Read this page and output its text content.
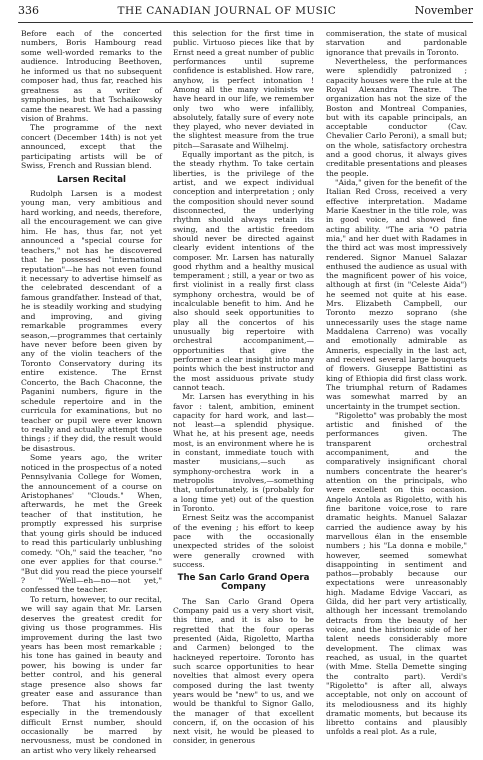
336	THE CANADIAN JOURNAL OF MUSIC	November

Before each of the concerted numbers, Boris Hambourg read some well-worded remarks to the audience. Introducing Beethoven, he informed us that no subsequent composer had, thus far, reached his greatness as a writer of symphonies, but that Tschaikowsky came the nearest. We had a passing vision of Brahms.

The programme of the next concert (December 14th) is not yet announced, except that the participating artists will be of Swiss, French and Russian blend.

Larsen Recital

Rudolph Larsen is a modest young man, very ambitious and hard working, and needs, therefore, all the encouragement we can give him. He has, thus far, not yet announced a "special course for teachers," not has he discovered that he possessed "international reputation"—he has not even found it necessary to advertise himself as the celebrated descendant of a famous grandfather. Instead of that, he is steadily working and studying and improving, and giving remarkable programmes every season,—programmes that certainly have never before been given by any of the violin teachers of the Toronto Conservatory during its entire existence. The Ernst Concerto, the Bach Chaconne, the Paganini numbers, figure in the schedule repertoire and in the curricula for examinations, but no teacher or pupil were ever known to really and actually attempt those things ; if they did, the result would be disastrous.

Some years ago, the writer noticed in the prospectus of a noted Pennsylvania College for Women, the announcement of a course on Aristophanes' "Clouds." When, afterwards, he met the Greek teacher of that institution, he promptly expressed his surprise that young girls should be induced to read this particularly unblushing comedy. "Oh," said the teacher, "no one ever applies for that course." "But did you read the piece yourself ? " "Well—eh—no—not yet," confessed the teacher.

To return, however, to our recital, we will say again that Mr. Larsen deserves the greatest credit for giving us those programmes. His improvement during the last two years has been most remarkable ; his tone has gained in beauty and power, his bowing is under far better control, and his general stage presence also shows far greater ease and assurance than before. That his intonation, especially in the tremendously difficult Ernst number, should occasionally be marred by nervousness, must be condoned in an artist who very likely rehearsed

this selection for the first time in public. Virtuoso pieces like that by Ernst need a great number of public performances until supreme confidence is established. How rare, anyhow, is perfect intonation ! Among all the many violinists we have heard in our life, we remember only two who were infallibly, absolutely, fatally sure of every note they played, who never deviated in the slightest measure from the true pitch—Sarasate and Wilhelmj.

Equally important as the pitch, is the steady rhythm. To take certain liberties, is the privilege of the artist, and we expect individual conception and interpretation ; only the composition should never sound disconnected, the underlying rhythm should always retain its swing, and the artistic freedom should never be directed against clearly evident intentions of the composer. Mr. Larsen has naturally good rhythm and a healthy musical temperament ; still, a year or two as first violinist in a really first class symphony orchestra, would be of incalculable benefit to him. And he also should seek opportunities to play all the concertos of his unusually big repertoire with orchestral accompaniment,—opportunities that give the performer a clear insight into many points which the best instructor and the most assiduous private study cannot teach.

Mr. Larsen has everything in his favor : talent, ambition, eminent capacity for hard work, and last—not least—a splendid physique. What he, at his present age, needs most, is an environment where he is in constant, immediate touch with master musicians,—such as symphony-orchestra work in a metropolis involves,—something that, unfortunately, is (probably for a long time yet) out of the question in Toronto.

Ernest Seitz was the accompanist of the evening ; his effort to keep pace with the occasionally unexpected strides of the soloist were generally crowned with success.

The San Carlo Grand Opera Company

The San Carlo Grand Opera Company paid us a very short visit, this time, and it is also to be regretted that the four operas presented (Aida, Rigoletto, Martha and Carmen) belonged to the hackneyed repertoire. Toronto has such scarce opportunities to hear novelties that almost every opera composed during the last twenty years would be "new" to us, and we would be thankful to Signor Gallo, the manager of that excellent concern, if, on the occasion of his next visit, he would be pleased to consider, in generous

commiseration, the state of musical starvation and pardonable ignorance that prevails in Toronto.

Nevertheless, the performances were splendidly patronized ; capacity houses were the rule at the Royal Alexandra Theatre. The organization has not the size of the Boston and Montreal Companies, but with its capable principals, an acceptable conductor (Cav. Chevalier Carlo Peroni), a small but; on the whole, satisfactory orchestra and a good chorus, it always gives creditable presentations and pleases the people.

"Aida," given for the benefit of the Italian Red Cross, received a very effective interpretation. Madame Marie Kaestner in the title role, was in good voice, and showed fine acting ability. "The aria "O patria mia," and her duet with Radames in the third act was most impressively rendered. Signor Manuel Salazar enthused the audience as usual with the magnificent power of his voice, although at first (in "Celeste Aida") he seemed not quite at his ease. Mrs. Elizabeth Campbell, our Toronto mezzo soprano (she unnecessarily uses the stage name Maddalena Carreno) was vocally and emotionally admirable as Amneris, especially in the last act, and received several large bouquets of flowers. Giuseppe Battistini as king of Ethiopia did first class work. The triumphal return of Radames was somewhat marred by an uncertainty in the trumpet section.

"Rigoletto" was probably the most artistic and finished of the performances given. The transparent orchestral accompaniment, and the comparatively insignificant choral numbers concentrate the hearer's attention on the principals, who were excellent on this occasion. Angelo Antola as Rigoletto, with his fine baritone voice,rose to rare dramatic heights. Manuel Salazar carried the audience away by his marvellous élan in the ensemble numbers ; his "La donna e mobile," however, seemed somewhat disappointing in sentiment and pathos—probably because our expectations were unreasonably high. Madame Edvige Vaccari, as Gilda, did her part very artistically, although her incessant tremolando detracts from the beauty of her voice, and the histrionic side of her talent needs considerably more development. The climax was reached, as usual, in the quartet (with Mme. Stella Demette singing the contralto part). Verdi's "Rigoletto" is after all, always acceptable, not only on account of its melodiousness and its highly dramatic moments, but because its libretto contains and plausibly unfolds a real plot. As a rule,
